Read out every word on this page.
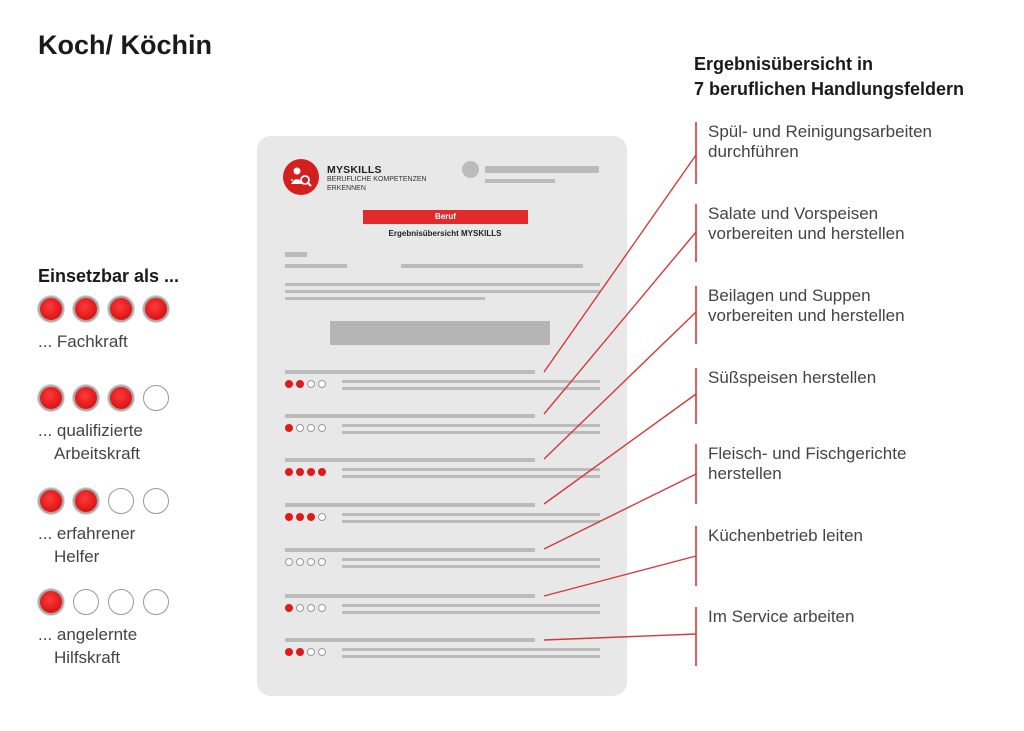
Koch/ Köchin
Einsetzbar als ...
... Fachkraft
... qualifizierte
Arbeitskraft
... erfahrener
Helfer
... angelernte
Hilfskraft
Ergebnisübersicht in
7 beruflichen Handlungsfeldern
Spül- und Reinigungsarbeiten
durchführen
Salate und Vorspeisen
vorbereiten und herstellen
Beilagen und Suppen
vorbereiten und herstellen
Süßspeisen herstellen
Fleisch- und Fischgerichte
herstellen
Küchenbetrieb leiten
Im Service arbeiten
MYSKILLS
BERUFLICHE KOMPETENZEN
ERKENNEN
Beruf
Ergebnisübersicht MYSKILLS
